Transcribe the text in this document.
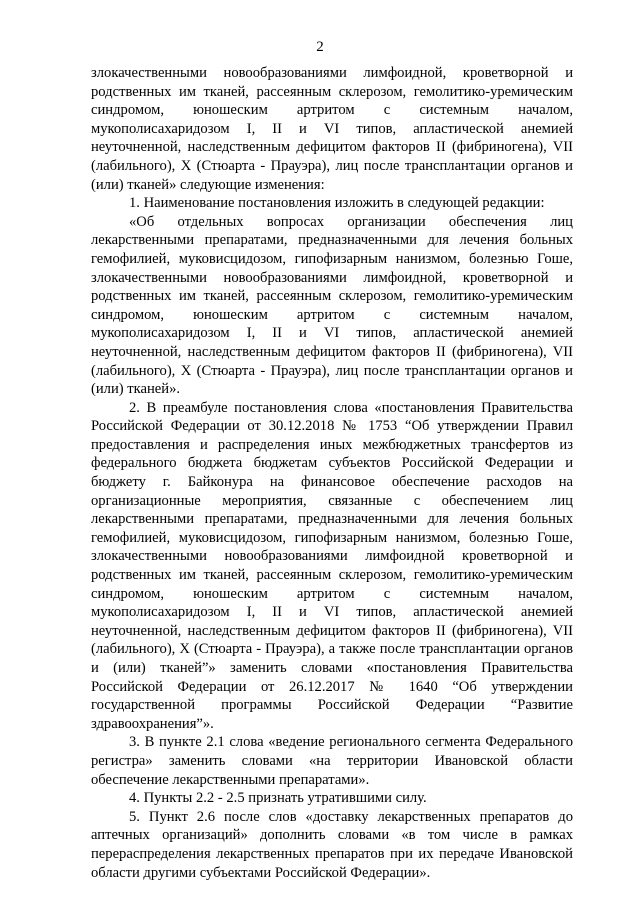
2

злокачественными новообразованиями лимфоидной, кроветворной и родственных им тканей, рассеянным склерозом, гемолитико-уремическим синдромом, юношеским артритом с системным началом, мукополисахаридозом I, II и VI типов, апластической анемией неуточненной, наследственным дефицитом факторов II (фибриногена), VII (лабильного), X (Стюарта - Прауэра), лиц после трансплантации органов и (или) тканей» следующие изменения:

1. Наименование постановления изложить в следующей редакции:

«Об отдельных вопросах организации обеспечения лиц лекарственными препаратами, предназначенными для лечения больных гемофилией, муковисцидозом, гипофизарным нанизмом, болезнью Гоше, злокачественными новообразованиями лимфоидной, кроветворной и родственных им тканей, рассеянным склерозом, гемолитико-уремическим синдромом, юношеским артритом с системным началом, мукополисахаридозом I, II и VI типов, апластической анемией неуточненной, наследственным дефицитом факторов II (фибриногена), VII (лабильного), X (Стюарта - Прауэра), лиц после трансплантации органов и (или) тканей».

2. В преамбуле постановления слова «постановления Правительства Российской Федерации от 30.12.2018 № 1753 “Об утверждении Правил предоставления и распределения иных межбюджетных трансфертов из федерального бюджета бюджетам субъектов Российской Федерации и бюджету г. Байконура на финансовое обеспечение расходов на организационные мероприятия, связанные с обеспечением лиц лекарственными препаратами, предназначенными для лечения больных гемофилией, муковисцидозом, гипофизарным нанизмом, болезнью Гоше, злокачественными новообразованиями лимфоидной кроветворной и родственных им тканей, рассеянным склерозом, гемолитико-уремическим синдромом, юношеским артритом с системным началом, мукополисахаридозом I, II и VI типов, апластической анемией неуточненной, наследственным дефицитом факторов II (фибриногена), VII (лабильного), X (Стюарта - Прауэра), а также после трансплантации органов и (или) тканей”» заменить словами «постановления Правительства Российской Федерации от 26.12.2017 № 1640 “Об утверждении государственной программы Российской Федерации “Развитие здравоохранения”».

3. В пункте 2.1 слова «ведение регионального сегмента Федерального регистра» заменить словами «на территории Ивановской области обеспечение лекарственными препаратами».

4. Пункты 2.2 - 2.5 признать утратившими силу.

5. Пункт 2.6 после слов «доставку лекарственных препаратов до аптечных организаций» дополнить словами «в том числе в рамках перераспределения лекарственных препаратов при их передаче Ивановской области другими субъектами Российской Федерации».
